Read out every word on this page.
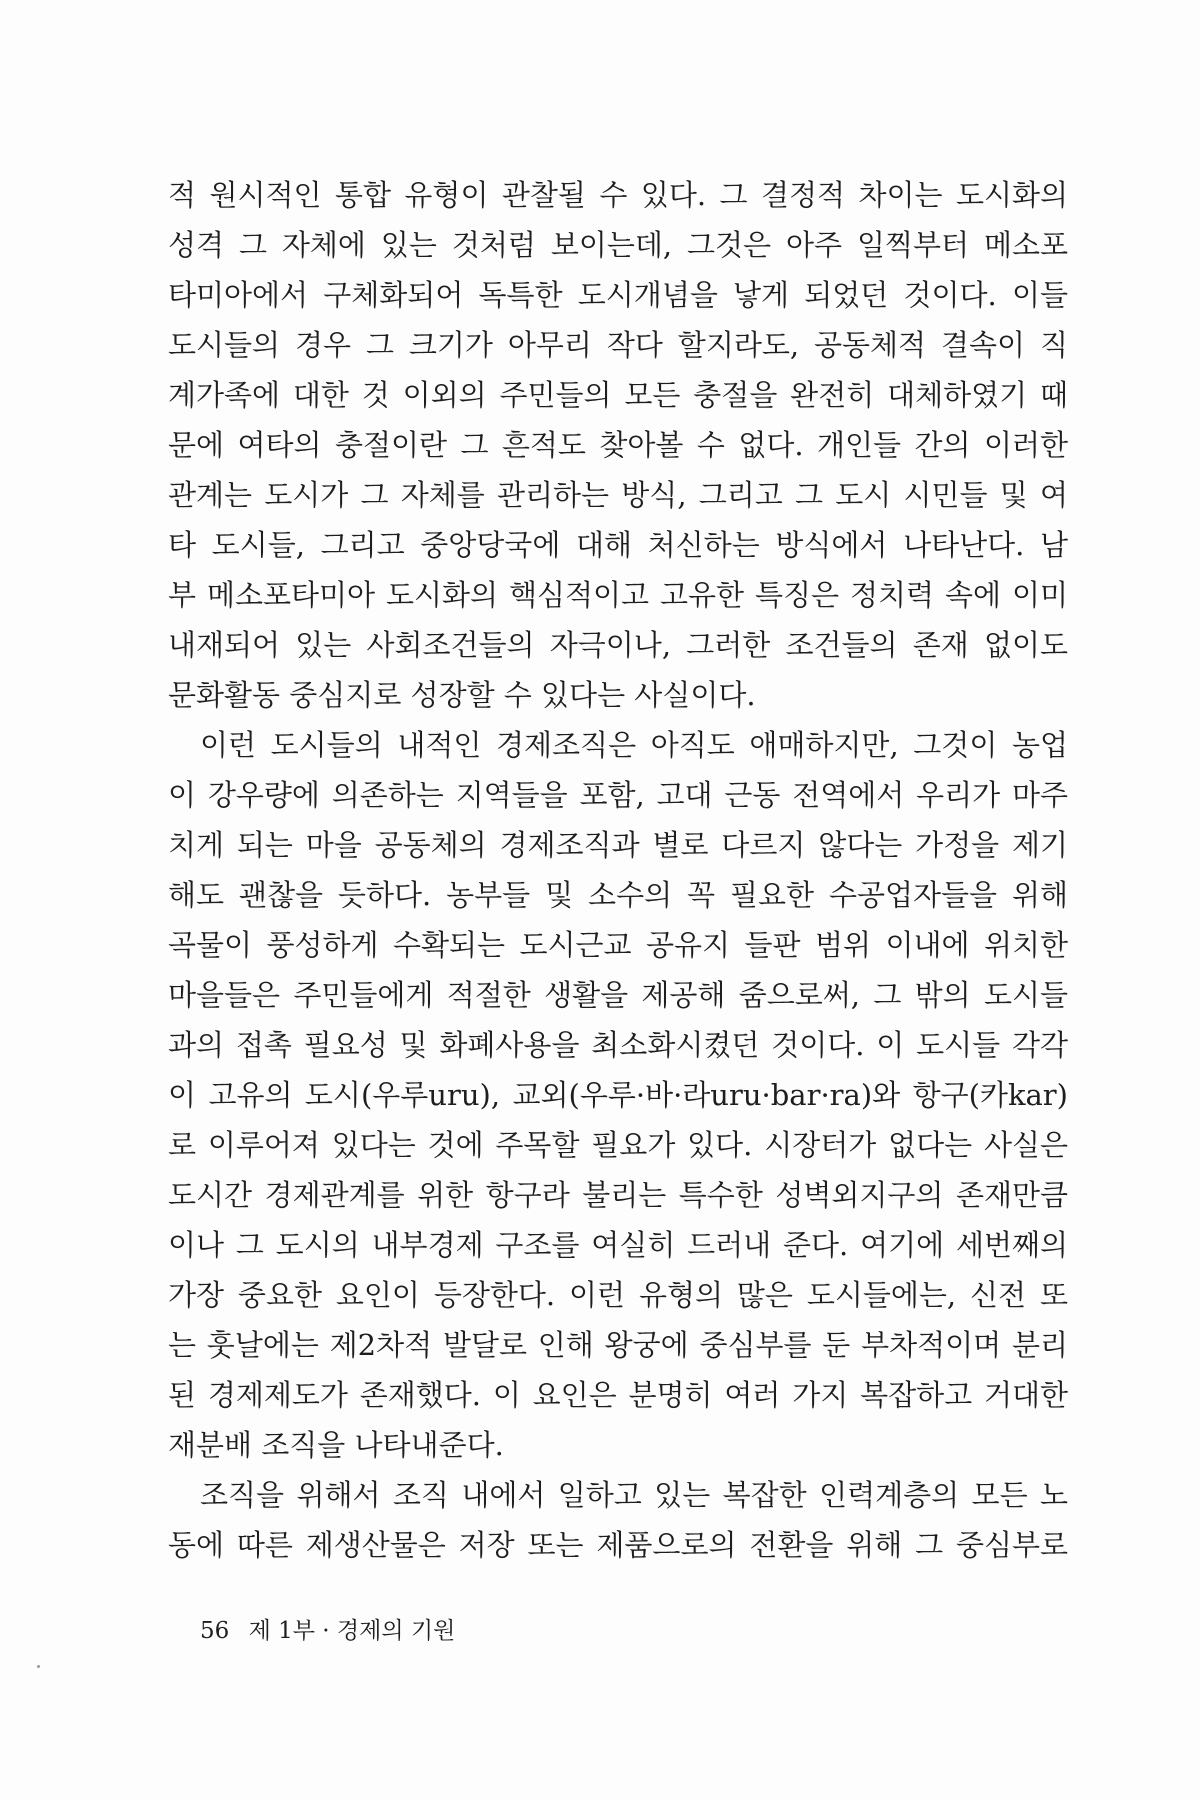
적 원시적인 통합 유형이 관찰될 수 있다. 그 결정적 차이는 도시화의
성격 그 자체에 있는 것처럼 보이는데, 그것은 아주 일찍부터 메소포
타미아에서 구체화되어 독특한 도시개념을 낳게 되었던 것이다. 이들
도시들의 경우 그 크기가 아무리 작다 할지라도, 공동체적 결속이 직
계가족에 대한 것 이외의 주민들의 모든 충절을 완전히 대체하였기 때
문에 여타의 충절이란 그 흔적도 찾아볼 수 없다. 개인들 간의 이러한
관계는 도시가 그 자체를 관리하는 방식, 그리고 그 도시 시민들 및 여
타 도시들, 그리고 중앙당국에 대해 처신하는 방식에서 나타난다. 남
부 메소포타미아 도시화의 핵심적이고 고유한 특징은 정치력 속에 이미
내재되어 있는 사회조건들의 자극이나, 그러한 조건들의 존재 없이도
문화활동 중심지로 성장할 수 있다는 사실이다.
이런 도시들의 내적인 경제조직은 아직도 애매하지만, 그것이 농업
이 강우량에 의존하는 지역들을 포함, 고대 근동 전역에서 우리가 마주
치게 되는 마을 공동체의 경제조직과 별로 다르지 않다는 가정을 제기
해도 괜찮을 듯하다. 농부들 및 소수의 꼭 필요한 수공업자들을 위해
곡물이 풍성하게 수확되는 도시근교 공유지 들판 범위 이내에 위치한
마을들은 주민들에게 적절한 생활을 제공해 줌으로써, 그 밖의 도시들
과의 접촉 필요성 및 화폐사용을 최소화시켰던 것이다. 이 도시들 각각
이 고유의 도시(우루uru), 교외(우루·바·라uru·bar·ra)와 항구(카kar)
로 이루어져 있다는 것에 주목할 필요가 있다. 시장터가 없다는 사실은
도시간 경제관계를 위한 항구라 불리는 특수한 성벽외지구의 존재만큼
이나 그 도시의 내부경제 구조를 여실히 드러내 준다. 여기에 세번째의
가장 중요한 요인이 등장한다. 이런 유형의 많은 도시들에는, 신전 또
는 훗날에는 제2차적 발달로 인해 왕궁에 중심부를 둔 부차적이며 분리
된 경제제도가 존재했다. 이 요인은 분명히 여러 가지 복잡하고 거대한
재분배 조직을 나타내준다.
조직을 위해서 조직 내에서 일하고 있는 복잡한 인력계층의 모든 노
동에 따른 제생산물은 저장 또는 제품으로의 전환을 위해 그 중심부로
56 제 1부 · 경제의 기원
